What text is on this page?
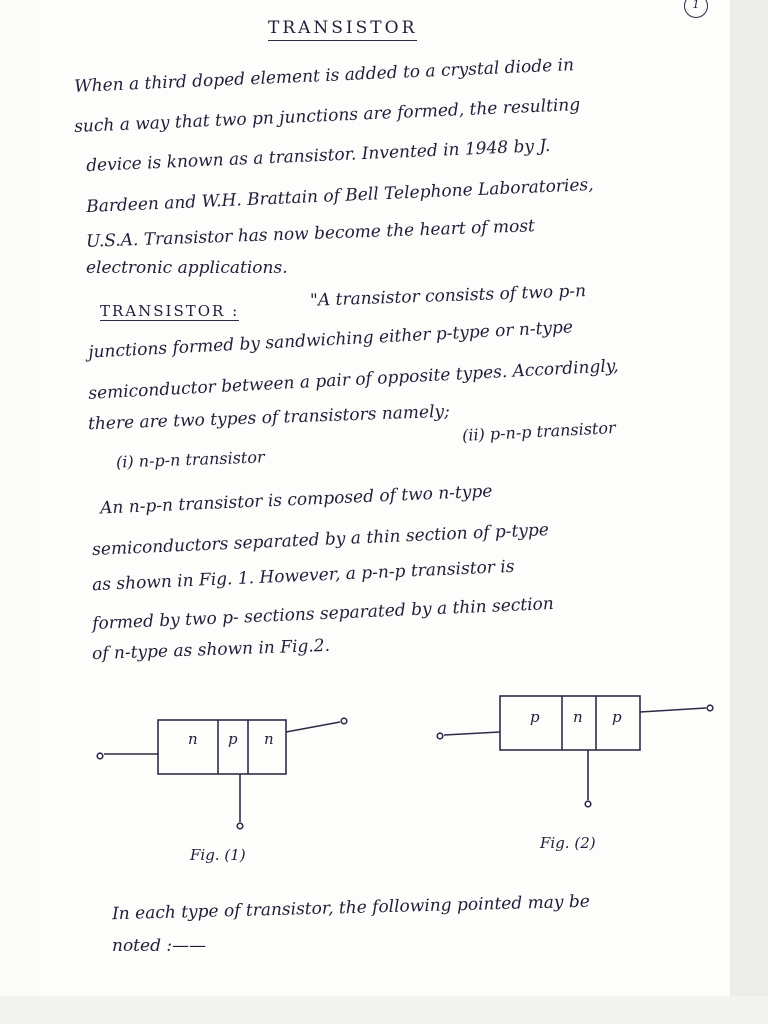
1
TRANSISTOR
When a third doped element is added to a crystal diode in
such a way that two pn junctions are formed, the resulting
device is known as a transistor. Invented in 1948 by J.
Bardeen and W.H. Brattain of Bell Telephone Laboratories,
U.S.A. Transistor has now become the heart of most
electronic applications.
TRANSISTOR :
"A transistor consists of two p-n
junctions formed by sandwiching either p-type or n-type
semiconductor between a pair of opposite types. Accordingly,
there are two types of transistors namely;
(i) n-p-n transistor
(ii) p-n-p transistor
An n-p-n transistor is composed of two n-type
semiconductors separated by a thin section of p-type
as shown in Fig. 1. However, a p-n-p transistor is
formed by two p- sections separated by a thin section
of n-type as shown in Fig.2.
n p n
p n p
Fig. (1)
Fig. (2)
In each type of transistor, the following pointed may be
noted :——
